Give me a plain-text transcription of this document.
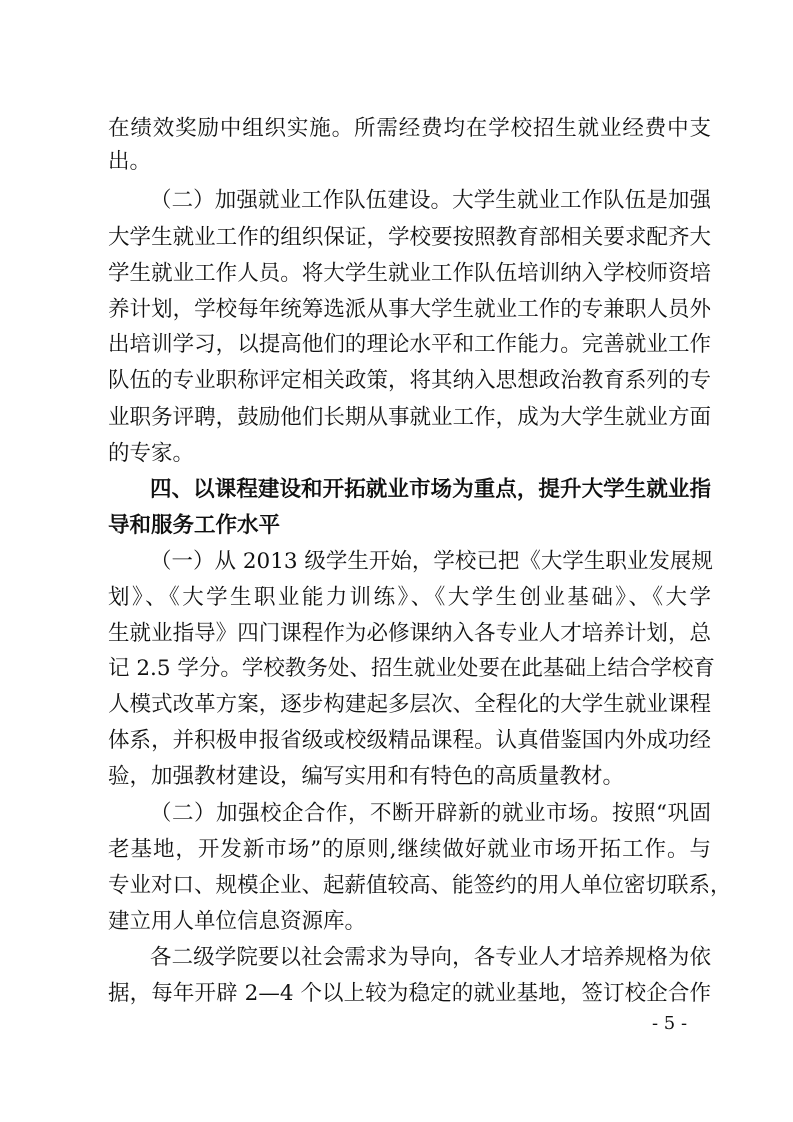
在绩效奖励中组织实施。所需经费均在学校招生就业经费中支
出。
（二）加强就业工作队伍建设。大学生就业工作队伍是加强
大学生就业工作的组织保证，学校要按照教育部相关要求配齐大
学生就业工作人员。将大学生就业工作队伍培训纳入学校师资培
养计划，学校每年统筹选派从事大学生就业工作的专兼职人员外
出培训学习，以提高他们的理论水平和工作能力。完善就业工作
队伍的专业职称评定相关政策，将其纳入思想政治教育系列的专
业职务评聘，鼓励他们长期从事就业工作，成为大学生就业方面
的专家。
四、以课程建设和开拓就业市场为重点，提升大学生就业指
导和服务工作水平
（一）从 2013 级学生开始，学校已把《大学生职业发展规
划》、《大学生职业能力训练》、《大学生创业基础》、《大学
生就业指导》四门课程作为必修课纳入各专业人才培养计划，总
记 2.5 学分。学校教务处、招生就业处要在此基础上结合学校育
人模式改革方案，逐步构建起多层次、全程化的大学生就业课程
体系，并积极申报省级或校级精品课程。认真借鉴国内外成功经
验，加强教材建设，编写实用和有特色的高质量教材。
（二）加强校企合作，不断开辟新的就业市场。按照“巩固
老基地，开发新市场”的原则,继续做好就业市场开拓工作。与
专业对口、规模企业、起薪值较高、能签约的用人单位密切联系，
建立用人单位信息资源库。
各二级学院要以社会需求为导向，各专业人才培养规格为依
据，每年开辟 2—4 个以上较为稳定的就业基地，签订校企合作
- 5 -
